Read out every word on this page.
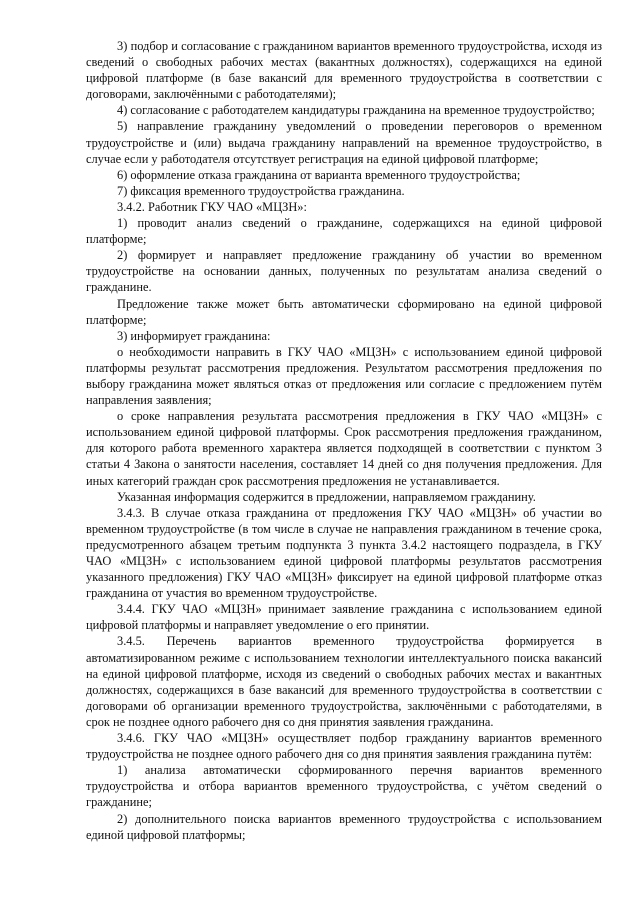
3) подбор и согласование с гражданином вариантов временного трудоустройства, исходя из сведений о свободных рабочих местах (вакантных должностях), содержащихся на единой цифровой платформе (в базе вакансий для временного трудоустройства в соответствии с договорами, заключёнными с работодателями);

4) согласование с работодателем кандидатуры гражданина на временное трудоустройство;

5) направление гражданину уведомлений о проведении переговоров о временном трудоустройстве и (или) выдача гражданину направлений на временное трудоустройство, в случае если у работодателя отсутствует регистрация на единой цифровой платформе;

6) оформление отказа гражданина от варианта временного трудоустройства;

7) фиксация временного трудоустройства гражданина.

3.4.2. Работник ГКУ ЧАО «МЦЗН»:

1) проводит анализ сведений о гражданине, содержащихся на единой цифровой платформе;

2) формирует и направляет предложение гражданину об участии во временном трудоустройстве на основании данных, полученных по результатам анализа сведений о гражданине.

Предложение также может быть автоматически сформировано на единой цифровой платформе;

3) информирует гражданина:

о необходимости направить в ГКУ ЧАО «МЦЗН» с использованием единой цифровой платформы результат рассмотрения предложения. Результатом рассмотрения предложения по выбору гражданина может являться отказ от предложения или согласие с предложением путём направления заявления;

о сроке направления результата рассмотрения предложения в ГКУ ЧАО «МЦЗН» с использованием единой цифровой платформы. Срок рассмотрения предложения гражданином, для которого работа временного характера является подходящей в соответствии с пунктом 3 статьи 4 Закона о занятости населения, составляет 14 дней со дня получения предложения. Для иных категорий граждан срок рассмотрения предложения не устанавливается.

Указанная информация содержится в предложении, направляемом гражданину.

3.4.3. В случае отказа гражданина от предложения ГКУ ЧАО «МЦЗН» об участии во временном трудоустройстве (в том числе в случае не направления гражданином в течение срока, предусмотренного абзацем третьим подпункта 3 пункта 3.4.2 настоящего подраздела, в ГКУ ЧАО «МЦЗН» с использованием единой цифровой платформы результатов рассмотрения указанного предложения) ГКУ ЧАО «МЦЗН» фиксирует на единой цифровой платформе отказ гражданина от участия во временном трудоустройстве.

3.4.4. ГКУ ЧАО «МЦЗН» принимает заявление гражданина с использованием единой цифровой платформы и направляет уведомление о его принятии.

3.4.5. Перечень вариантов временного трудоустройства формируется в автоматизированном режиме с использованием технологии интеллектуального поиска вакансий на единой цифровой платформе, исходя из сведений о свободных рабочих местах и вакантных должностях, содержащихся в базе вакансий для временного трудоустройства в соответствии с договорами об организации временного трудоустройства, заключёнными с работодателями, в срок не позднее одного рабочего дня со дня принятия заявления гражданина.

3.4.6. ГКУ ЧАО «МЦЗН» осуществляет подбор гражданину вариантов временного трудоустройства не позднее одного рабочего дня со дня принятия заявления гражданина путём:

1) анализа автоматически сформированного перечня вариантов временного трудоустройства и отбора вариантов временного трудоустройства, с учётом сведений о гражданине;

2) дополнительного поиска вариантов временного трудоустройства с использованием единой цифровой платформы;
